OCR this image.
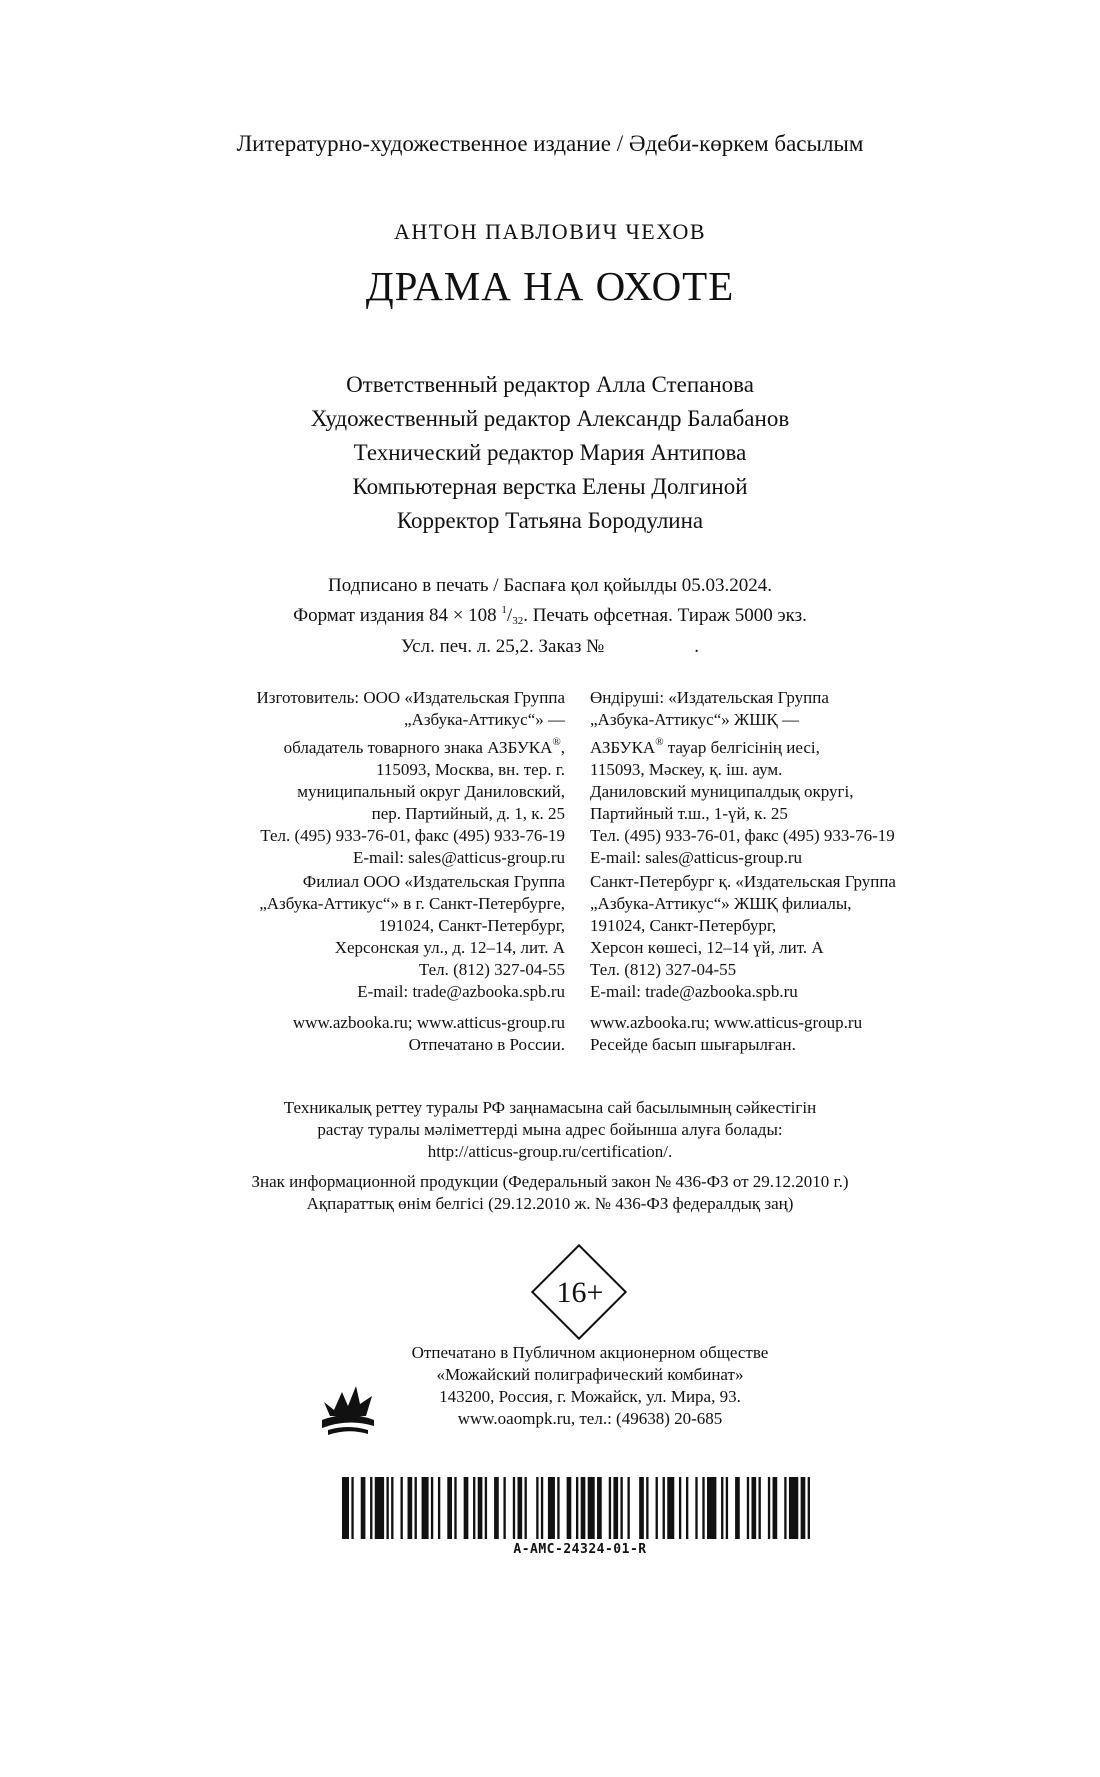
Литературно-художественное издание / Әдеби-көркем басылым
АНТОН ПАВЛОВИЧ ЧЕХОВ
ДРАМА НА ОХОТЕ
Ответственный редактор Алла Степанова
Художественный редактор Александр Балабанов
Технический редактор Мария Антипова
Компьютерная верстка Елены Долгиной
Корректор Татьяна Бородулина
Подписано в печать / Баспаға қол қойылды 05.03.2024.
Формат издания 84 × 108 $^1/_{32}$. Печать офсетная. Тираж 5000 экз.
Усл. печ. л. 25,2. Заказ №	.
Изготовитель: ООО «Издательская Группа
„Азбука-Аттикус“» —
обладатель товарного знака АЗБУКА®,
115093, Москва, вн. тер. г.
муниципальный округ Даниловский,
пер. Партийный, д. 1, к. 25
Тел. (495) 933-76-01, факс (495) 933-76-19
E-mail: sales@atticus-group.ru
Өндіруші: «Издательская Группа
„Азбука-Аттикус“» ЖШҚ —
АЗБУКА® тауар белгісінің иесі,
115093, Мәскеу, қ. іш. аум.
Даниловский муниципалдық округі,
Партийный т.ш., 1-үй, к. 25
Тел. (495) 933-76-01, факс (495) 933-76-19
E-mail: sales@atticus-group.ru
Филиал ООО «Издательская Группа
„Азбука-Аттикус“» в г. Санкт-Петербурге,
191024, Санкт-Петербург,
Херсонская ул., д. 12–14, лит. А
Тел. (812) 327-04-55
E-mail: trade@azbooka.spb.ru
Санкт-Петербург қ. «Издательская Группа
„Азбука-Аттикус“» ЖШҚ филиалы,
191024, Санкт-Петербург,
Херсон көшесі, 12–14 үй, лит. А
Тел. (812) 327-04-55
E-mail: trade@azbooka.spb.ru
www.azbooka.ru; www.atticus-group.ru
Отпечатано в России.
www.azbooka.ru; www.atticus-group.ru
Ресейде басып шығарылған.
Техникалық реттеу туралы РФ заңнамасына сай басылымның сәйкестігін
растау туралы мәліметтерді мына адрес бойынша алуға болады:
http://atticus-group.ru/certification/.
Знак информационной продукции (Федеральный закон № 436-ФЗ от 29.12.2010 г.)
Ақпараттық өнім белгісі (29.12.2010 ж. № 436-ФЗ федералдық заң)
16+
Отпечатано в Публичном акционерном обществе
«Можайский полиграфический комбинат»
143200, Россия, г. Можайск, ул. Мира, 93.
www.oaompk.ru, тел.: (49638) 20-685
A-AMC-24324-01-R
